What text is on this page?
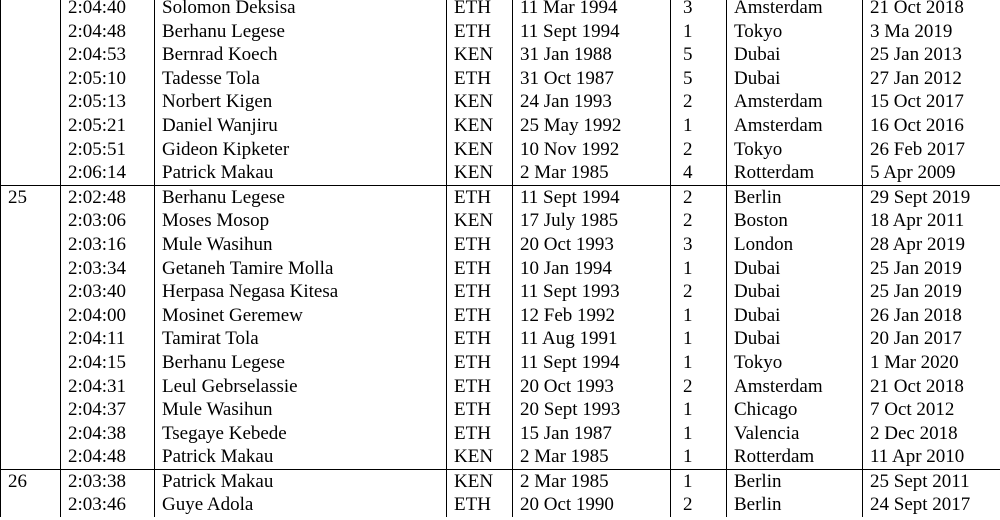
	2:04:40	Solomon Deksisa	ETH	11 Mar 1994	3	Amsterdam	21 Oct 2018
	2:04:48	Berhanu Legese	ETH	11 Sept 1994	1	Tokyo	3 Ma 2019
	2:04:53	Bernrad Koech	KEN	31 Jan 1988	5	Dubai	25 Jan 2013
	2:05:10	Tadesse Tola	ETH	31 Oct 1987	5	Dubai	27 Jan 2012
	2:05:13	Norbert Kigen	KEN	24 Jan 1993	2	Amsterdam	15 Oct 2017
	2:05:21	Daniel Wanjiru	KEN	25 May 1992	1	Amsterdam	16 Oct 2016
	2:05:51	Gideon Kipketer	KEN	10 Nov 1992	2	Tokyo	26 Feb 2017
	2:06:14	Patrick Makau	KEN	2 Mar 1985	4	Rotterdam	5 Apr 2009
25	2:02:48	Berhanu Legese	ETH	11 Sept 1994	2	Berlin	29 Sept 2019
	2:03:06	Moses Mosop	KEN	17 July 1985	2	Boston	18 Apr 2011
	2:03:16	Mule Wasihun	ETH	20 Oct 1993	3	London	28 Apr 2019
	2:03:34	Getaneh Tamire Molla	ETH	10 Jan 1994	1	Dubai	25 Jan 2019
	2:03:40	Herpasa Negasa Kitesa	ETH	11 Sept 1993	2	Dubai	25 Jan 2019
	2:04:00	Mosinet Geremew	ETH	12 Feb 1992	1	Dubai	26 Jan 2018
	2:04:11	Tamirat Tola	ETH	11 Aug 1991	1	Dubai	20 Jan 2017
	2:04:15	Berhanu Legese	ETH	11 Sept 1994	1	Tokyo	1 Mar 2020
	2:04:31	Leul Gebrselassie	ETH	20 Oct 1993	2	Amsterdam	21 Oct 2018
	2:04:37	Mule Wasihun	ETH	20 Sept 1993	1	Chicago	7 Oct 2012
	2:04:38	Tsegaye Kebede	ETH	15 Jan 1987	1	Valencia	2 Dec 2018
	2:04:48	Patrick Makau	KEN	2 Mar 1985	1	Rotterdam	11 Apr 2010
26	2:03:38	Patrick Makau	KEN	2 Mar 1985	1	Berlin	25 Sept 2011
	2:03:46	Guye Adola	ETH	20 Oct 1990	2	Berlin	24 Sept 2017
